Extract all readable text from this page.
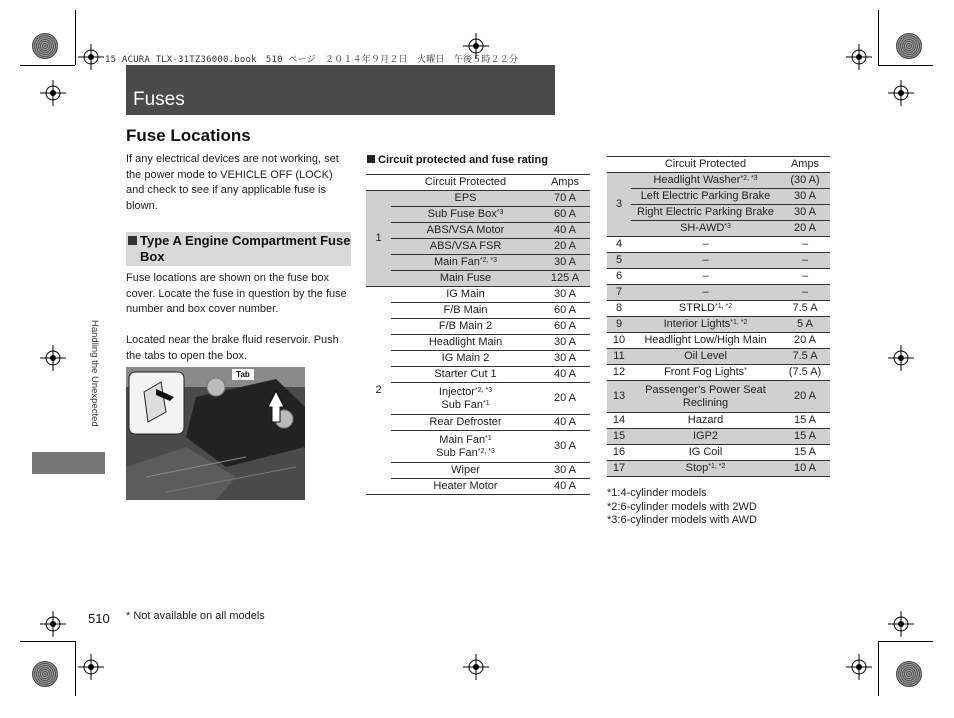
15 ACURA TLX-31TZ36000.book　510 ページ　２０１４年９月２日　火曜日　午後５時２２分
Fuses
Fuse Locations
Handling the Unexpected
If any electrical devices are not working, set the power mode to VEHICLE OFF (LOCK) and check to see if any applicable fuse is blown.
Type A Engine Compartment Fuse Box
Fuse locations are shown on the fuse box cover. Locate the fuse in question by the fuse number and box cover number.
Located near the brake fluid reservoir. Push the tabs to open the box.
Tab
Circuit protected and fuse rating
	Circuit Protected	Amps
1	EPS	70 A
	Sub Fuse Box$^{*3}$	60 A
	ABS/VSA Motor	40 A
	ABS/VSA FSR	20 A
	Main Fan$^{*2, *3}$	30 A
	Main Fuse	125 A
2	IG Main	30 A
	F/B Main	60 A
	F/B Main 2	60 A
	Headlight Main	30 A
	IG Main 2	30 A
	Starter Cut 1	40 A
	Injector$^{*2, *3}$
Sub Fan$^{*1}$	20 A
	Rear Defroster	40 A
	Main Fan$^{*1}$
Sub Fan$^{*2, *3}$	30 A
	Wiper	30 A
	Heater Motor	40 A
	Circuit Protected	Amps
3	Headlight Washer$^{*2, *3}$	(30 A)
	Left Electric Parking Brake	30 A
	Right Electric Parking Brake	30 A
	SH-AWD$^{*3}$	20 A
4	–	–
5	–	–
6	–	–
7	–	–
8	$STRLD^{*1, *2}$	7.5 A
9	Interior Lights$^{*1, *2}$	5 A
10	Headlight Low/High Main	20 A
11	Oil Level	7.5 A
12	Front Fog Lights*	(7.5 A)
13	Passenger’s Power Seat
Reclining	20 A
14	Hazard	15 A
15	IGP2	15 A
16	IG Coil	15 A
17	Stop$^{*1, *2}$	10 A
*1:4-cylinder models
*2:6-cylinder models with 2WD
*3:6-cylinder models with AWD
510 * Not available on all models
